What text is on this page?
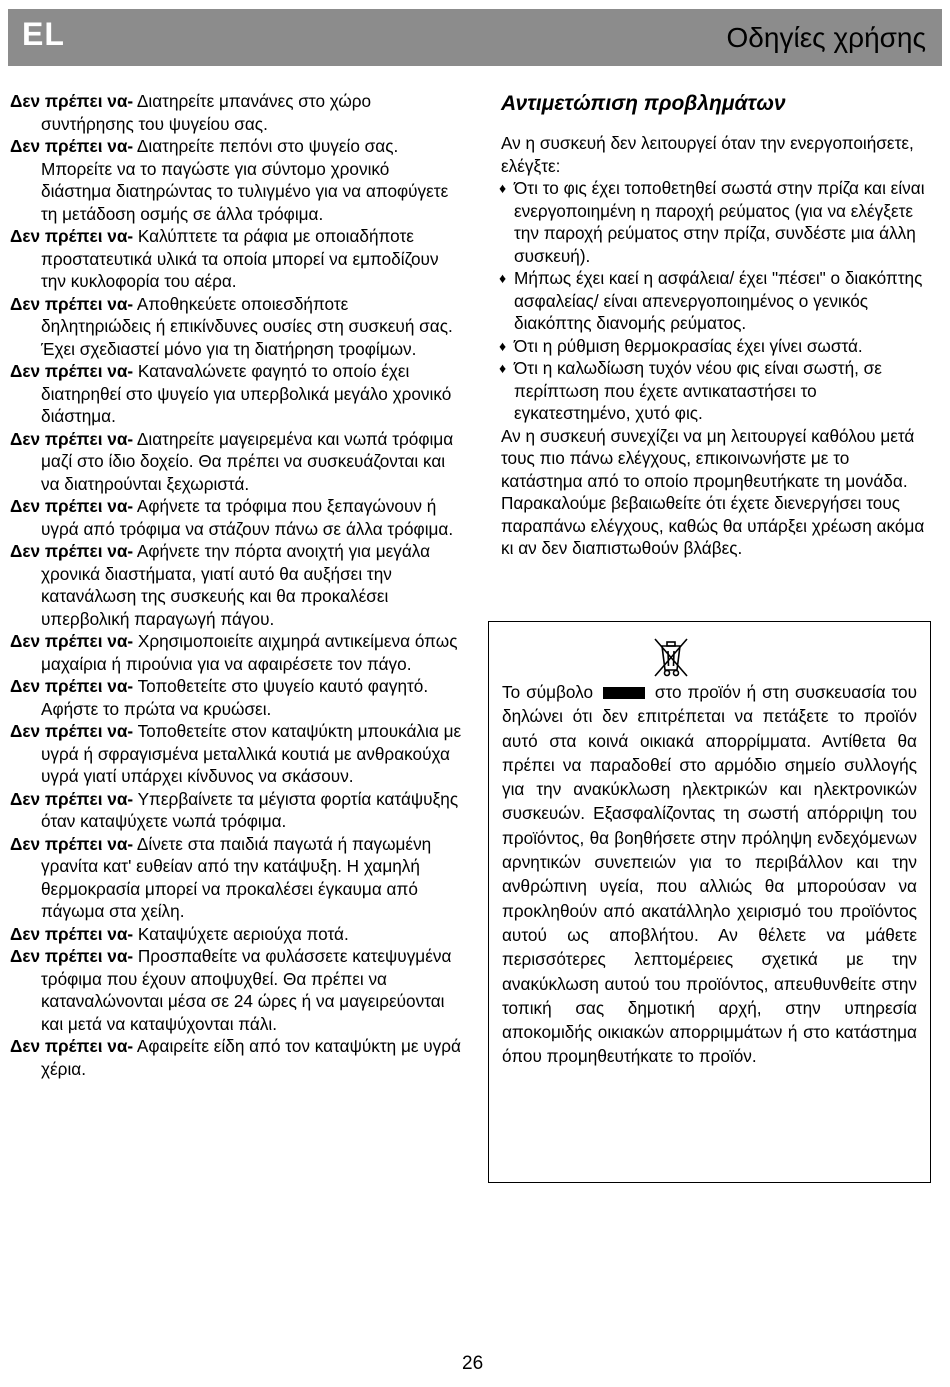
EL	Οδηγίες χρήσης

Δεν πρέπει να- Διατηρείτε μπανάνες στο χώρο συντήρησης του ψυγείου σας.

Δεν πρέπει να- Διατηρείτε πεπόνι στο ψυγείο σας. Μπορείτε να το παγώστε για σύντομο χρονικό διάστημα διατηρώντας το τυλιγμένο για να αποφύγετε τη μετάδοση οσμής σε άλλα τρόφιμα.

Δεν πρέπει να- Καλύπτετε τα ράφια με οποιαδήποτε προστατευτικά υλικά τα οποία μπορεί να εμποδίζουν την κυκλοφορία του αέρα.

Δεν πρέπει να- Αποθηκεύετε οποιεσδήποτε δηλητηριώδεις ή επικίνδυνες ουσίες στη συσκευή σας. Έχει σχεδιαστεί μόνο για τη διατήρηση τροφίμων.

Δεν πρέπει να- Καταναλώνετε φαγητό το οποίο έχει διατηρηθεί στο ψυγείο για υπερβολικά μεγάλο χρονικό διάστημα.

Δεν πρέπει να- Διατηρείτε μαγειρεμένα και νωπά τρόφιμα μαζί στο ίδιο δοχείο. Θα πρέπει να συσκευάζονται και να διατηρούνται ξεχωριστά.

Δεν πρέπει να- Αφήνετε τα τρόφιμα που ξεπαγώνουν ή υγρά από τρόφιμα να στάζουν πάνω σε άλλα τρόφιμα.

Δεν πρέπει να- Αφήνετε την πόρτα ανοιχτή για μεγάλα χρονικά διαστήματα, γιατί αυτό θα αυξήσει την κατανάλωση της συσκευής και θα προκαλέσει υπερβολική παραγωγή πάγου.

Δεν πρέπει να- Χρησιμοποιείτε αιχμηρά αντικείμενα όπως μαχαίρια ή πιρούνια για να αφαιρέσετε τον πάγο.

Δεν πρέπει να- Τοποθετείτε στο ψυγείο καυτό φαγητό. Αφήστε το πρώτα να κρυώσει.

Δεν πρέπει να- Τοποθετείτε στον καταψύκτη μπουκάλια με υγρά ή σφραγισμένα μεταλλικά κουτιά με ανθρακούχα υγρά γιατί υπάρχει κίνδυνος να σκάσουν.

Δεν πρέπει να- Υπερβαίνετε τα μέγιστα φορτία κατάψυξης όταν καταψύχετε νωπά τρόφιμα.

Δεν πρέπει να- Δίνετε στα παιδιά παγωτά ή παγωμένη γρανίτα κατ' ευθείαν από την κατάψυξη. Η χαμηλή θερμοκρασία μπορεί να προκαλέσει έγκαυμα από πάγωμα στα χείλη.

Δεν πρέπει να- Καταψύχετε αεριούχα ποτά.

Δεν πρέπει να- Προσπαθείτε να φυλάσσετε κατεψυγμένα τρόφιμα που έχουν αποψυχθεί. Θα πρέπει να καταναλώνονται μέσα σε 24 ώρες ή να μαγειρεύονται και μετά να καταψύχονται πάλι.

Δεν πρέπει να- Αφαιρείτε είδη από τον καταψύκτη με υγρά χέρια.

Αντιμετώπιση προβλημάτων

Αν η συσκευή δεν λειτουργεί όταν την ενεργοποιήσετε, ελέγξτε:

♦ Ότι το φις έχει τοποθετηθεί σωστά στην πρίζα και είναι ενεργοποιημένη η παροχή ρεύματος (για να ελέγξετε την παροχή ρεύματος στην πρίζα, συνδέστε μια άλλη συσκευή).

♦ Μήπως έχει καεί η ασφάλεια/ έχει "πέσει" ο διακόπτης ασφαλείας/ είναι απενεργοποιημένος ο γενικός διακόπτης διανομής ρεύματος.

♦ Ότι η ρύθμιση θερμοκρασίας έχει γίνει σωστά.

♦ Ότι η καλωδίωση τυχόν νέου φις είναι σωστή, σε περίπτωση που έχετε αντικαταστήσει το εγκατεστημένο, χυτό φις.

Αν η συσκευή συνεχίζει να μη λειτουργεί καθόλου μετά τους πιο πάνω ελέγχους, επικοινωνήστε με το κατάστημα από το οποίο προμηθευτήκατε τη μονάδα.

Παρακαλούμε βεβαιωθείτε ότι έχετε διενεργήσει τους παραπάνω ελέγχους, καθώς θα υπάρξει χρέωση ακόμα κι αν δεν διαπιστωθούν βλάβες.

Το σύμβολο	στο προϊόν ή στη συσκευασία του δηλώνει ότι δεν επιτρέπεται να πετάξετε το προϊόν αυτό στα κοινά οικιακά απορρίμματα. Αντίθετα θα πρέπει να παραδοθεί στο αρμόδιο σημείο συλλογής για την ανακύκλωση ηλεκτρικών και ηλεκτρονικών συσκευών. Εξασφαλίζοντας τη σωστή απόρριψη του προϊόντος, θα βοηθήσετε στην πρόληψη ενδεχόμενων αρνητικών συνεπειών για το περιβάλλον και την ανθρώπινη υγεία, που αλλιώς θα μπορούσαν να προκληθούν από ακατάλληλο χειρισμό του προϊόντος αυτού ως αποβλήτου. Αν θέλετε να μάθετε περισσότερες λεπτομέρειες σχετικά με την ανακύκλωση αυτού του προϊόντος, απευθυνθείτε στην τοπική σας δημοτική αρχή, στην υπηρεσία αποκομιδής οικιακών απορριμμάτων ή στο κατάστημα όπου προμηθευτήκατε το προϊόν.
26
